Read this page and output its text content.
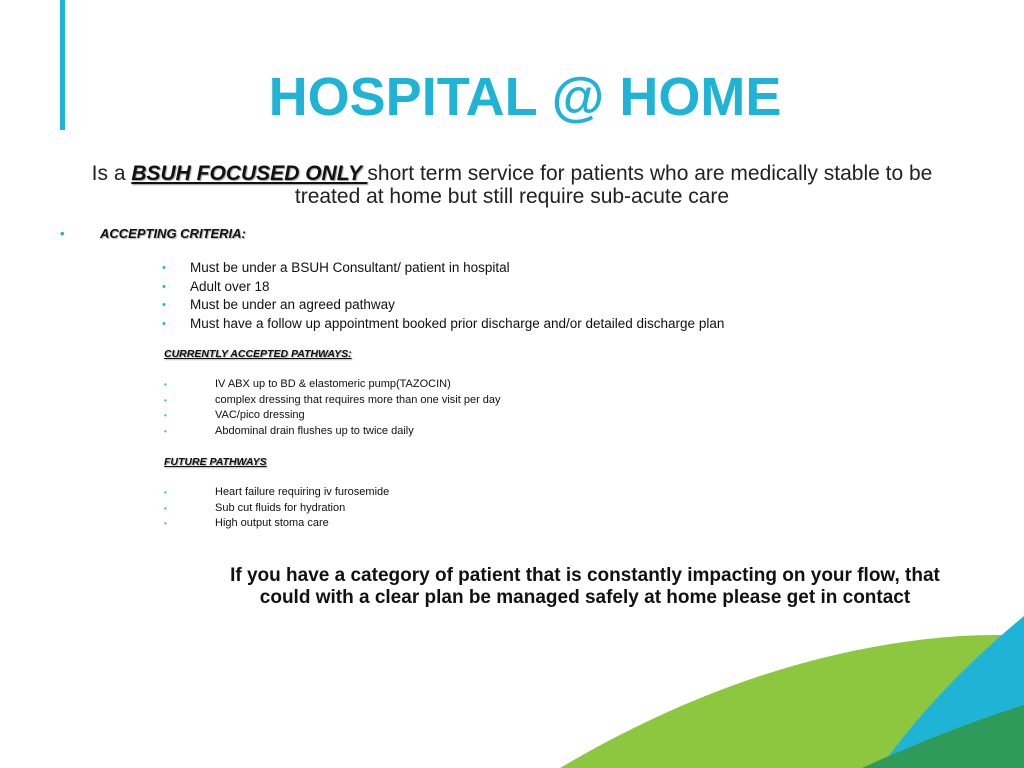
HOSPITAL @ HOME
Is a BSUH FOCUSED ONLY short term service for patients who are medically stable to be
treated at home but still require sub-acute care
•	ACCEPTING CRITERIA:
• Must be under a BSUH Consultant/ patient in hospital
• Adult over 18
• Must be under an agreed pathway
• Must have a follow up appointment booked prior discharge and/or detailed discharge plan
CURRENTLY ACCEPTED PATHWAYS:
•	IV ABX up to BD & elastomeric pump(TAZOCIN)
•	complex dressing that requires more than one visit per day
•	VAC/pico dressing
•	Abdominal drain flushes up to twice daily
FUTURE PATHWAYS
•	Heart failure requiring iv furosemide
•	Sub cut fluids for hydration
•	High output stoma care
If you have a category of patient that is constantly impacting on your flow, that
could with a clear plan be managed safely at home please get in contact
